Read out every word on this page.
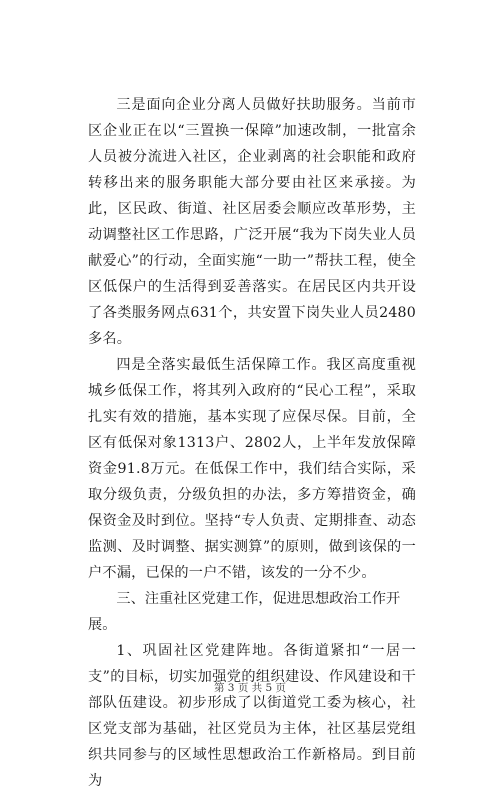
三是面向企业分离人员做好扶助服务。当前市区企业正在以“三置换一保障”加速改制，一批富余人员被分流进入社区，企业剥离的社会职能和政府转移出来的服务职能大部分要由社区来承接。为此，区民政、街道、社区居委会顺应改革形势，主动调整社区工作思路，广泛开展“我为下岗失业人员献爱心”的行动，全面实施“一助一”帮扶工程，使全区低保户的生活得到妥善落实。在居民区内共开设了各类服务网点631个，共安置下岗失业人员2480多名。

四是全落实最低生活保障工作。我区高度重视城乡低保工作，将其列入政府的“民心工程”，采取扎实有效的措施，基本实现了应保尽保。目前，全区有低保对象1313户、2802人，上半年发放保障资金91.8万元。在低保工作中，我们结合实际，采取分级负责，分级负担的办法，多方筹措资金，确保资金及时到位。坚持“专人负责、定期排查、动态监测、及时调整、据实测算”的原则，做到该保的一户不漏，已保的一户不错，该发的一分不少。

三、注重社区党建工作，促进思想政治工作开展。

1、巩固社区党建阵地。各街道紧扣“一居一支”的目标，切实加强党的组织建设、作风建设和干部队伍建设。初步形成了以街道党工委为核心，社区党支部为基础，社区党员为主体，社区基层党组织共同参与的区域性思想政治工作新格局。到目前为

第 3 页 共 5 页
